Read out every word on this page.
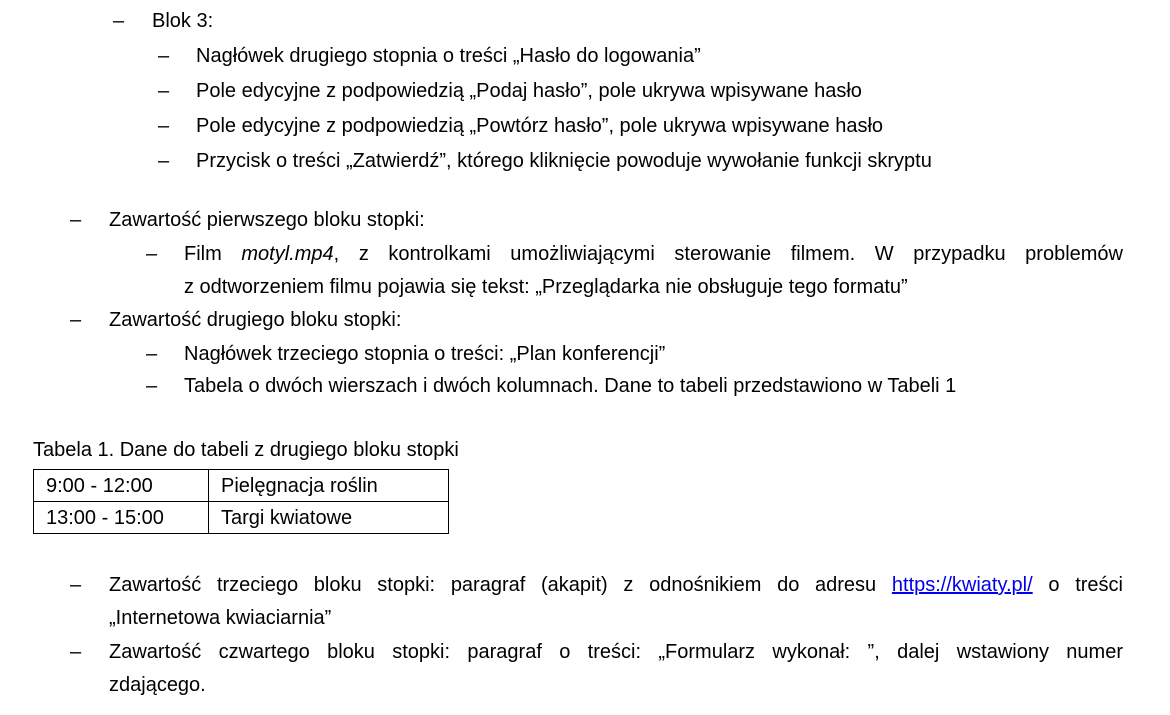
– Blok 3:
– Nagłówek drugiego stopnia o treści „Hasło do logowania”
– Pole edycyjne z podpowiedzią „Podaj hasło”, pole ukrywa wpisywane hasło
– Pole edycyjne z podpowiedzią „Powtórz hasło”, pole ukrywa wpisywane hasło
– Przycisk o treści „Zatwierdź”, którego kliknięcie powoduje wywołanie funkcji skryptu
– Zawartość pierwszego bloku stopki:
– Film motyl.mp4, z kontrolkami umożliwiającymi sterowanie filmem. W przypadku problemów
z odtworzeniem filmu pojawia się tekst: „Przeglądarka nie obsługuje tego formatu”
– Zawartość drugiego bloku stopki:
– Nagłówek trzeciego stopnia o treści: „Plan konferencji”
– Tabela o dwóch wierszach i dwóch kolumnach. Dane to tabeli przedstawiono w Tabeli 1
Tabela 1. Dane do tabeli z drugiego bloku stopki
9:00 - 12:00	Pielęgnacja roślin
13:00 - 15:00	Targi kwiatowe
– Zawartość trzeciego bloku stopki: paragraf (akapit) z odnośnikiem do adresu https://kwiaty.pl/ o treści
„Internetowa kwiaciarnia”
– Zawartość czwartego bloku stopki: paragraf o treści: „Formularz wykonał: ”, dalej wstawiony numer
zdającego.
